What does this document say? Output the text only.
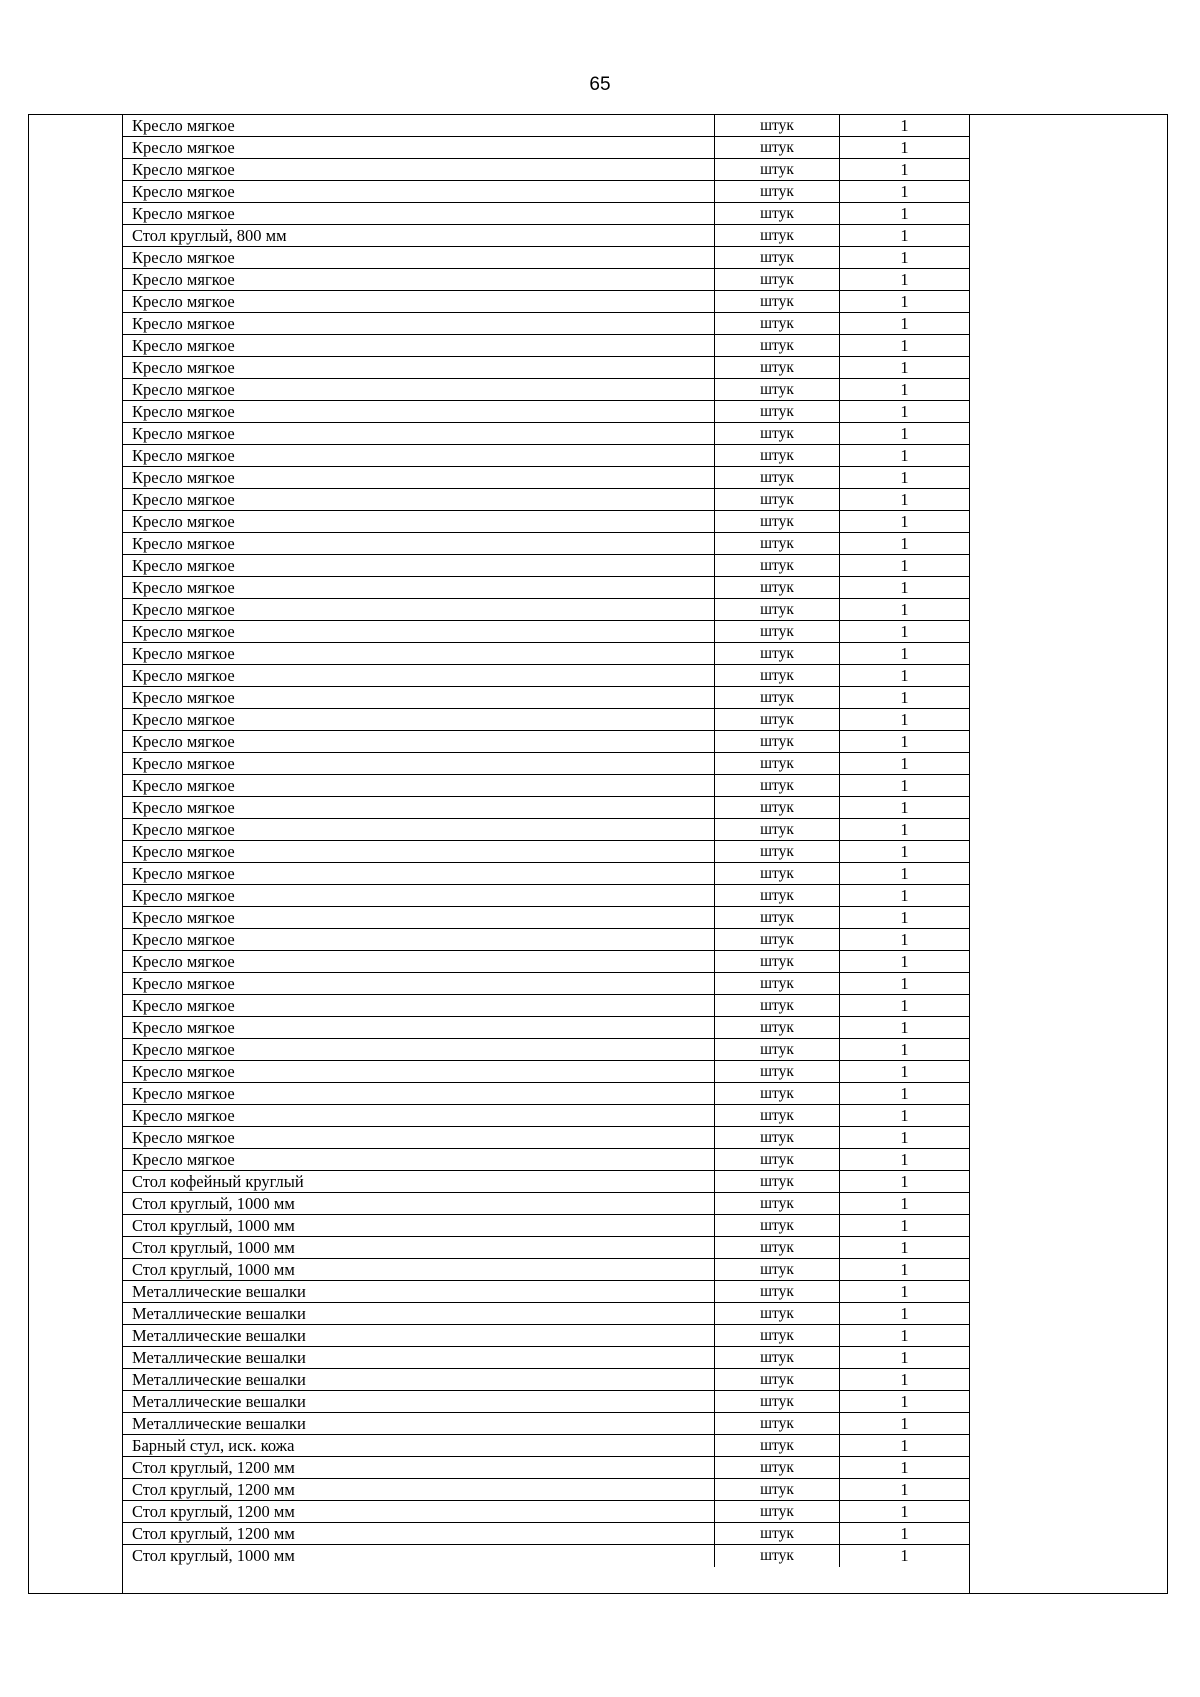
65
Кресло мягкое	штук	1
Кресло мягкое	штук	1
Кресло мягкое	штук	1
Кресло мягкое	штук	1
Кресло мягкое	штук	1
Стол круглый, 800 мм	штук	1
Кресло мягкое	штук	1
Кресло мягкое	штук	1
Кресло мягкое	штук	1
Кресло мягкое	штук	1
Кресло мягкое	штук	1
Кресло мягкое	штук	1
Кресло мягкое	штук	1
Кресло мягкое	штук	1
Кресло мягкое	штук	1
Кресло мягкое	штук	1
Кресло мягкое	штук	1
Кресло мягкое	штук	1
Кресло мягкое	штук	1
Кресло мягкое	штук	1
Кресло мягкое	штук	1
Кресло мягкое	штук	1
Кресло мягкое	штук	1
Кресло мягкое	штук	1
Кресло мягкое	штук	1
Кресло мягкое	штук	1
Кресло мягкое	штук	1
Кресло мягкое	штук	1
Кресло мягкое	штук	1
Кресло мягкое	штук	1
Кресло мягкое	штук	1
Кресло мягкое	штук	1
Кресло мягкое	штук	1
Кресло мягкое	штук	1
Кресло мягкое	штук	1
Кресло мягкое	штук	1
Кресло мягкое	штук	1
Кресло мягкое	штук	1
Кресло мягкое	штук	1
Кресло мягкое	штук	1
Кресло мягкое	штук	1
Кресло мягкое	штук	1
Кресло мягкое	штук	1
Кресло мягкое	штук	1
Кресло мягкое	штук	1
Кресло мягкое	штук	1
Кресло мягкое	штук	1
Кресло мягкое	штук	1
Стол кофейный круглый	штук	1
Стол круглый, 1000 мм	штук	1
Стол круглый, 1000 мм	штук	1
Стол круглый, 1000 мм	штук	1
Стол круглый, 1000 мм	штук	1
Металлические вешалки	штук	1
Металлические вешалки	штук	1
Металлические вешалки	штук	1
Металлические вешалки	штук	1
Металлические вешалки	штук	1
Металлические вешалки	штук	1
Металлические вешалки	штук	1
Барный стул, иск. кожа	штук	1
Стол круглый, 1200 мм	штук	1
Стол круглый, 1200 мм	штук	1
Стол круглый, 1200 мм	штук	1
Стол круглый, 1200 мм	штук	1
Стол круглый, 1000 мм	штук	1
